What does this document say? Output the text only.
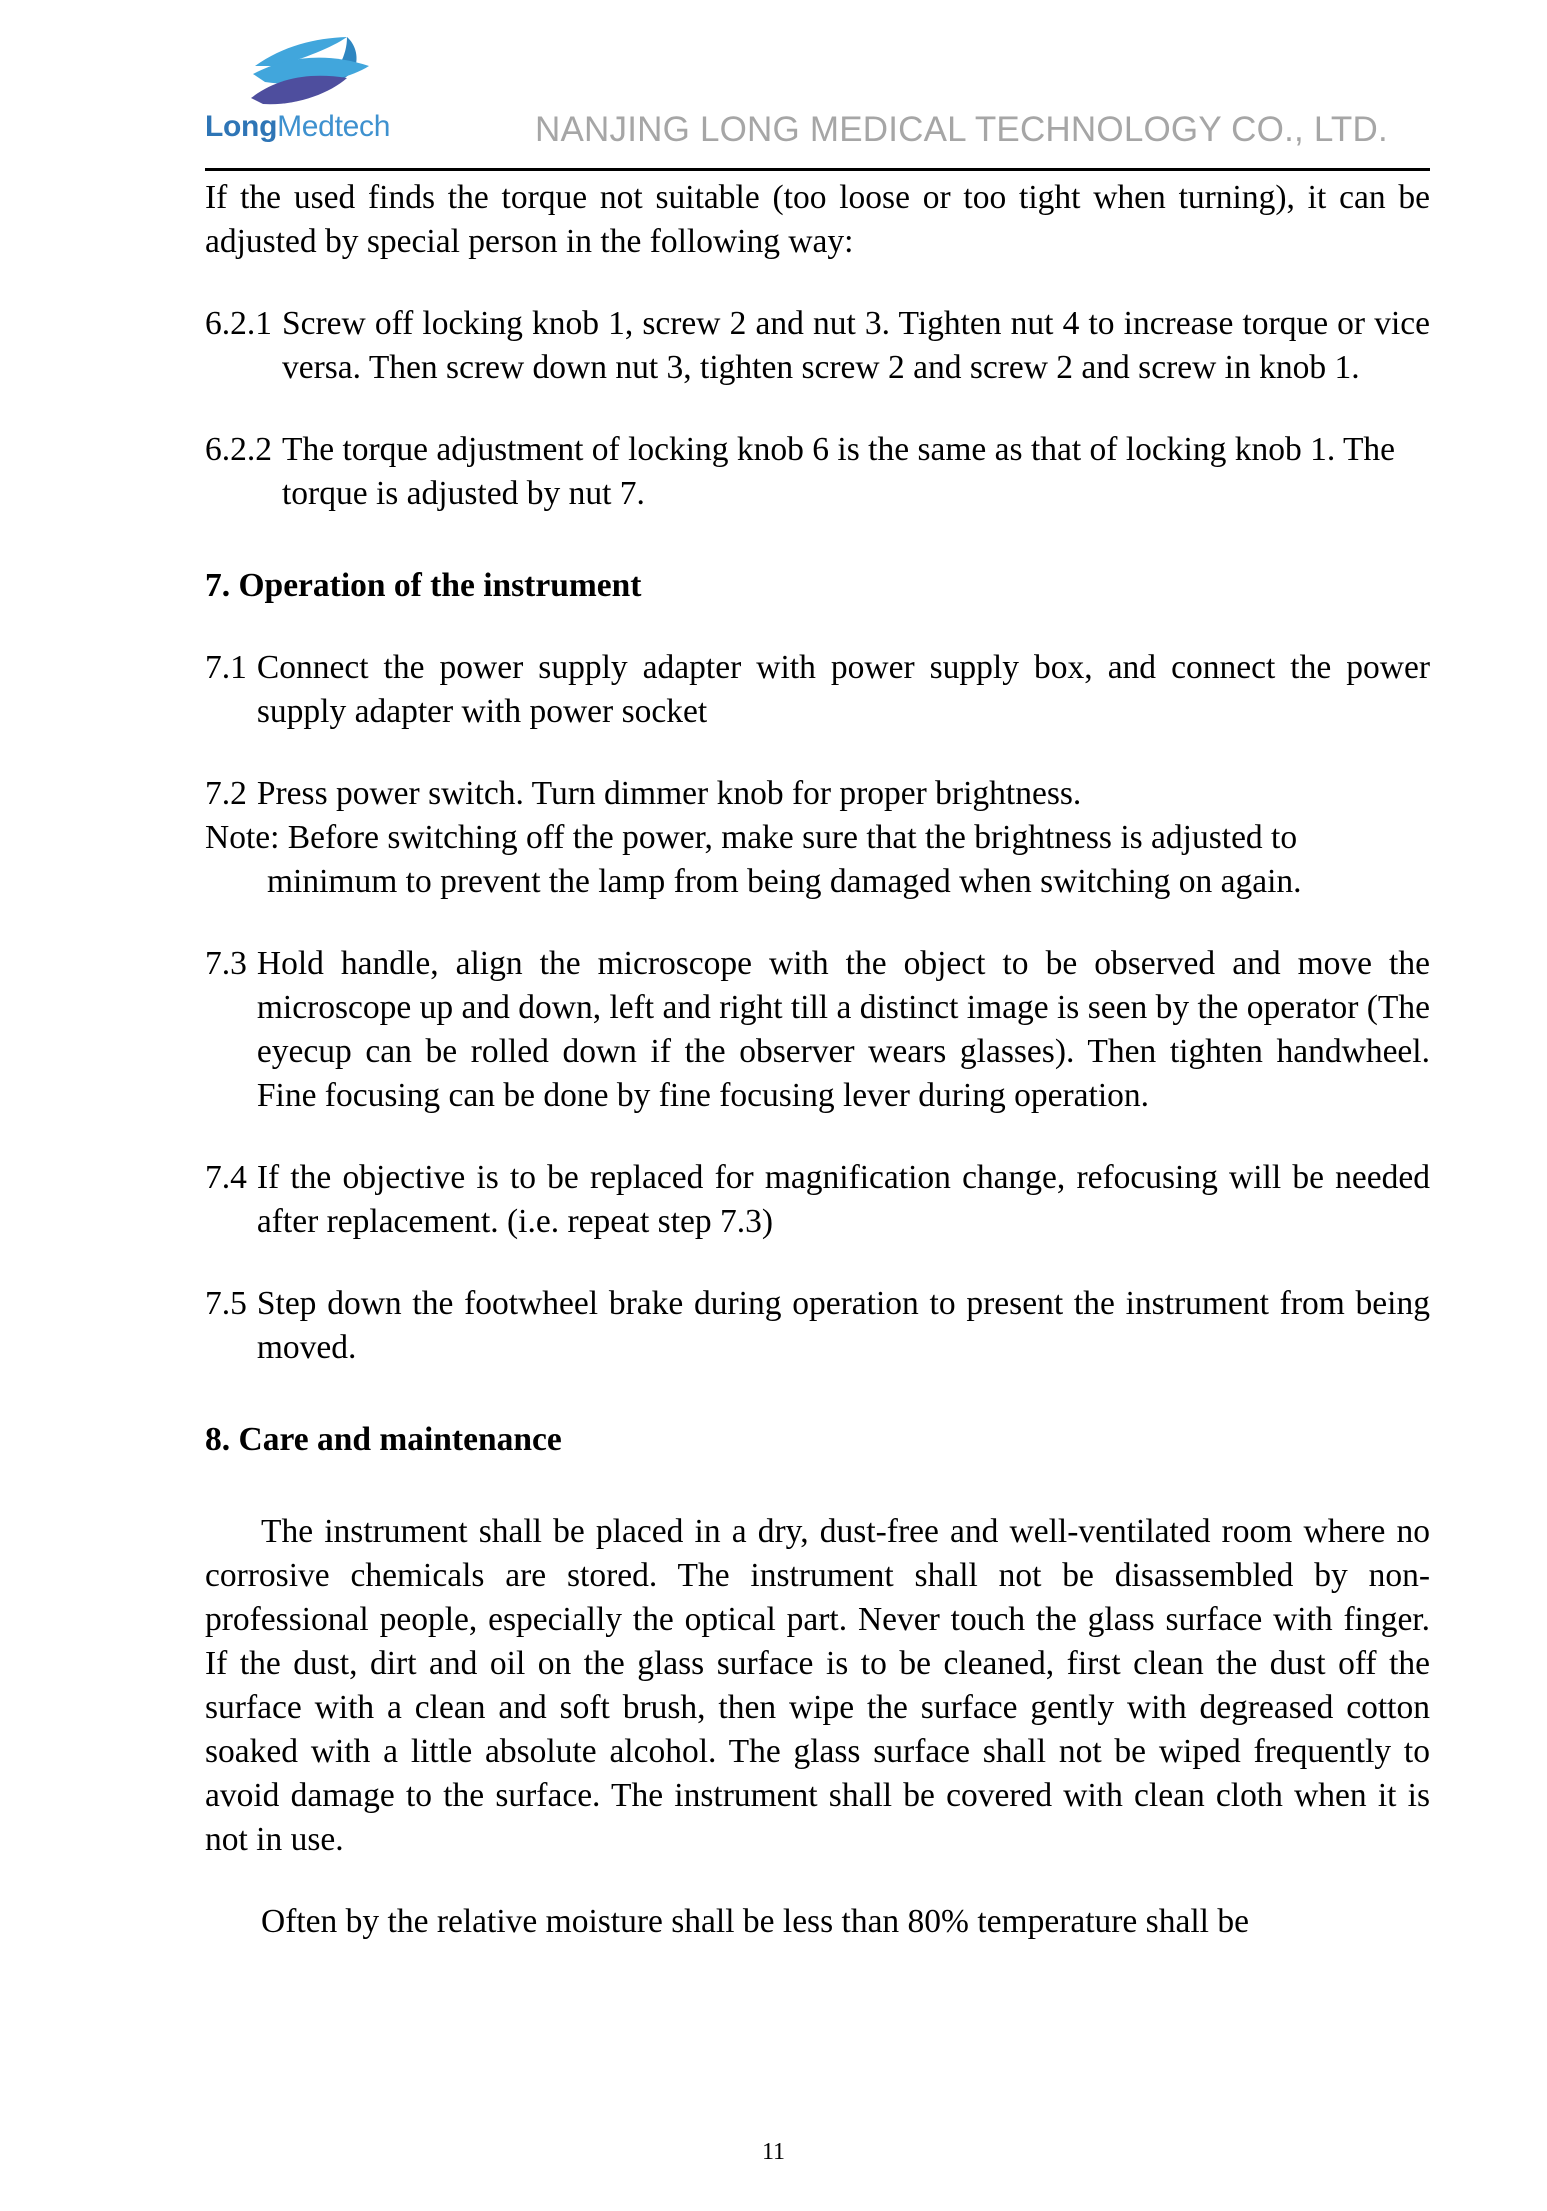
LongMedtech	NANJING LONG MEDICAL TECHNOLOGY CO., LTD.

If the used finds the torque not suitable (too loose or too tight when turning), it can be adjusted by special person in the following way:

6.2.1 Screw off locking knob 1, screw 2 and nut 3. Tighten nut 4 to increase torque or vice versa. Then screw down nut 3, tighten screw 2 and screw 2 and screw in knob 1.
6.2.2 The torque adjustment of locking knob 6 is the same as that of locking knob 1. The torque is adjusted by nut 7.

7. Operation of the instrument

7.1 Connect the power supply adapter with power supply box, and connect the power supply adapter with power socket
7.2 Press power switch. Turn dimmer knob for proper brightness.
Note: Before switching off the power, make sure that the brightness is adjusted to
minimum to prevent the lamp from being damaged when switching on again.
7.3 Hold handle, align the microscope with the object to be observed and move the microscope up and down, left and right till a distinct image is seen by the operator (The eyecup can be rolled down if the observer wears glasses). Then tighten handwheel. Fine focusing can be done by fine focusing lever during operation.
7.4 If the objective is to be replaced for magnification change, refocusing will be needed after replacement. (i.e. repeat step 7.3)
7.5 Step down the footwheel brake during operation to present the instrument from being moved.

8. Care and maintenance

The instrument shall be placed in a dry, dust-free and well-ventilated room where no corrosive chemicals are stored. The instrument shall not be disassembled by non-professional people, especially the optical part. Never touch the glass surface with finger. If the dust, dirt and oil on the glass surface is to be cleaned, first clean the dust off the surface with a clean and soft brush, then wipe the surface gently with degreased cotton soaked with a little absolute alcohol. The glass surface shall not be wiped frequently to avoid damage to the surface. The instrument shall be covered with clean cloth when it is not in use.

Often by the relative moisture shall be less than 80% temperature shall be

11
